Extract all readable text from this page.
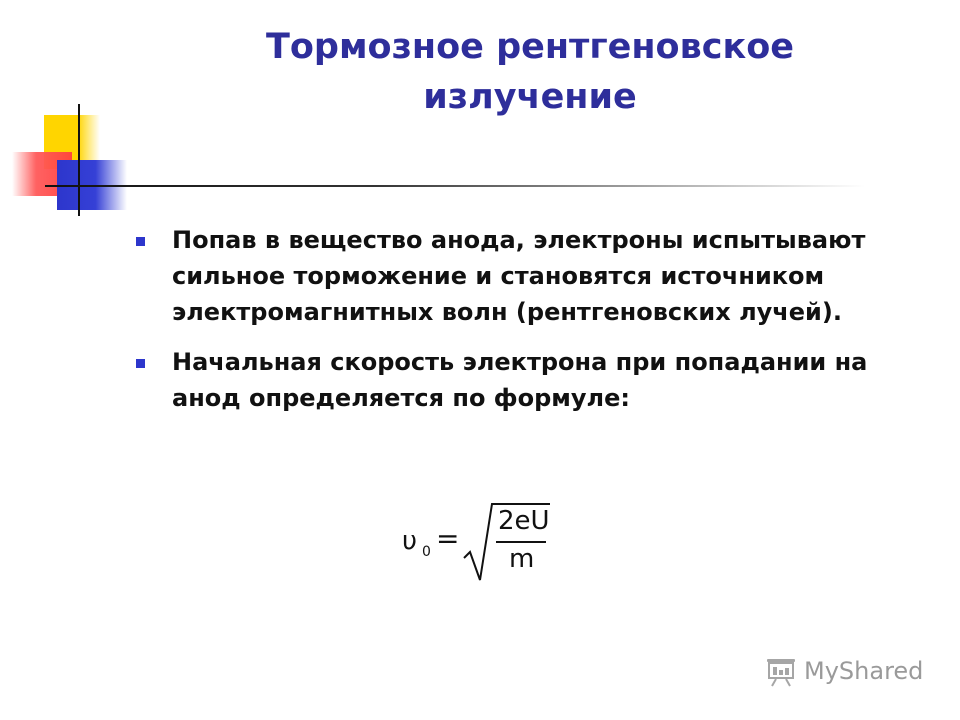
Тормозное рентгеновское излучение
Попав в вещество анода, электроны испытывают сильное торможение и становятся источником электромагнитных волн (рентгеновских лучей).
Начальная скорость электрона при попадании на анод определяется по формуле:
υ 0 =
2eU
m
MyShared
